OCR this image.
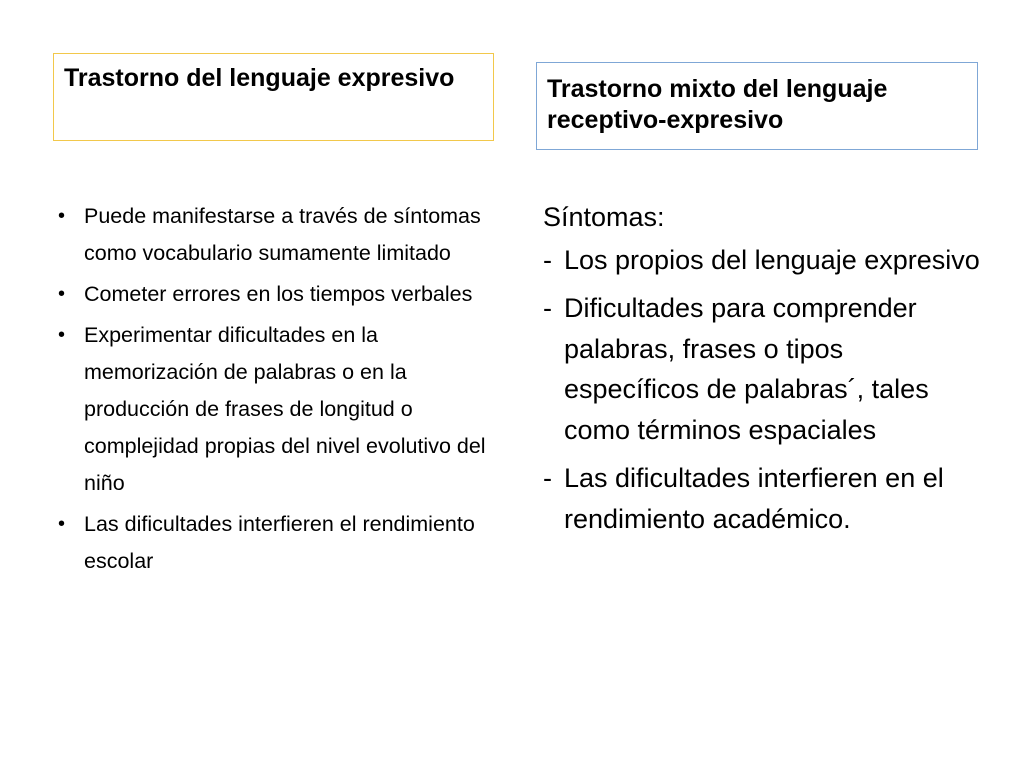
Trastorno del lenguaje expresivo	Trastorno mixto del lenguaje receptivo-expresivo
• Puede manifestarse a través de síntomas como vocabulario sumamente limitado
• Cometer errores en los tiempos verbales
• Experimentar dificultades en la memorización de palabras o en la producción de frases de longitud o complejidad propias del nivel evolutivo del niño
• Las dificultades interfieren el rendimiento escolar
Síntomas:
- Los propios del lenguaje expresivo
- Dificultades para comprender palabras, frases o tipos específicos de palabras´, tales como términos espaciales
- Las dificultades interfieren en el rendimiento académico.
